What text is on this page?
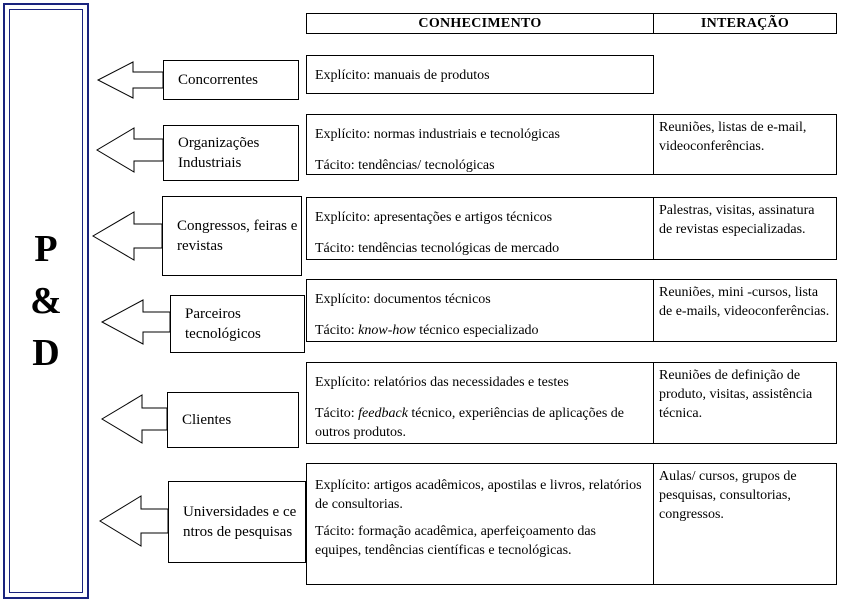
P
&
D
CONHECIMENTO	INTERAÇÃO
Concorrentes
Organizações Industriais
Congressos, feiras e revistas
Parceiros tecnológicos
Clientes
Universidades e centros de pesquisas

Explícito: manuais de produtos

Explícito: normas industriais e tecnológicas

Tácito: tendências/ tecnológicas

Explícito: apresentações e artigos técnicos

Tácito: tendências tecnológicas de mercado

Explícito: documentos técnicos

Tácito: know-how técnico especializado

Explícito: relatórios das necessidades e testes

Tácito: feedback técnico, experiências de aplicações de outros produtos.

Explícito: artigos acadêmicos, apostilas e livros, relatórios de consultorias.

Tácito: formação acadêmica, aperfeiçoamento das equipes, tendências científicas e tecnológicas.

Reuniões, listas de e-mail, videoconferências.
Palestras, visitas, assinatura de revistas especializadas.
Reuniões, mini -cursos, lista de e-mails, videoconferências.
Reuniões de definição de produto, visitas, assistência técnica.
Aulas/ cursos, grupos de pesquisas, consultorias, congressos.
